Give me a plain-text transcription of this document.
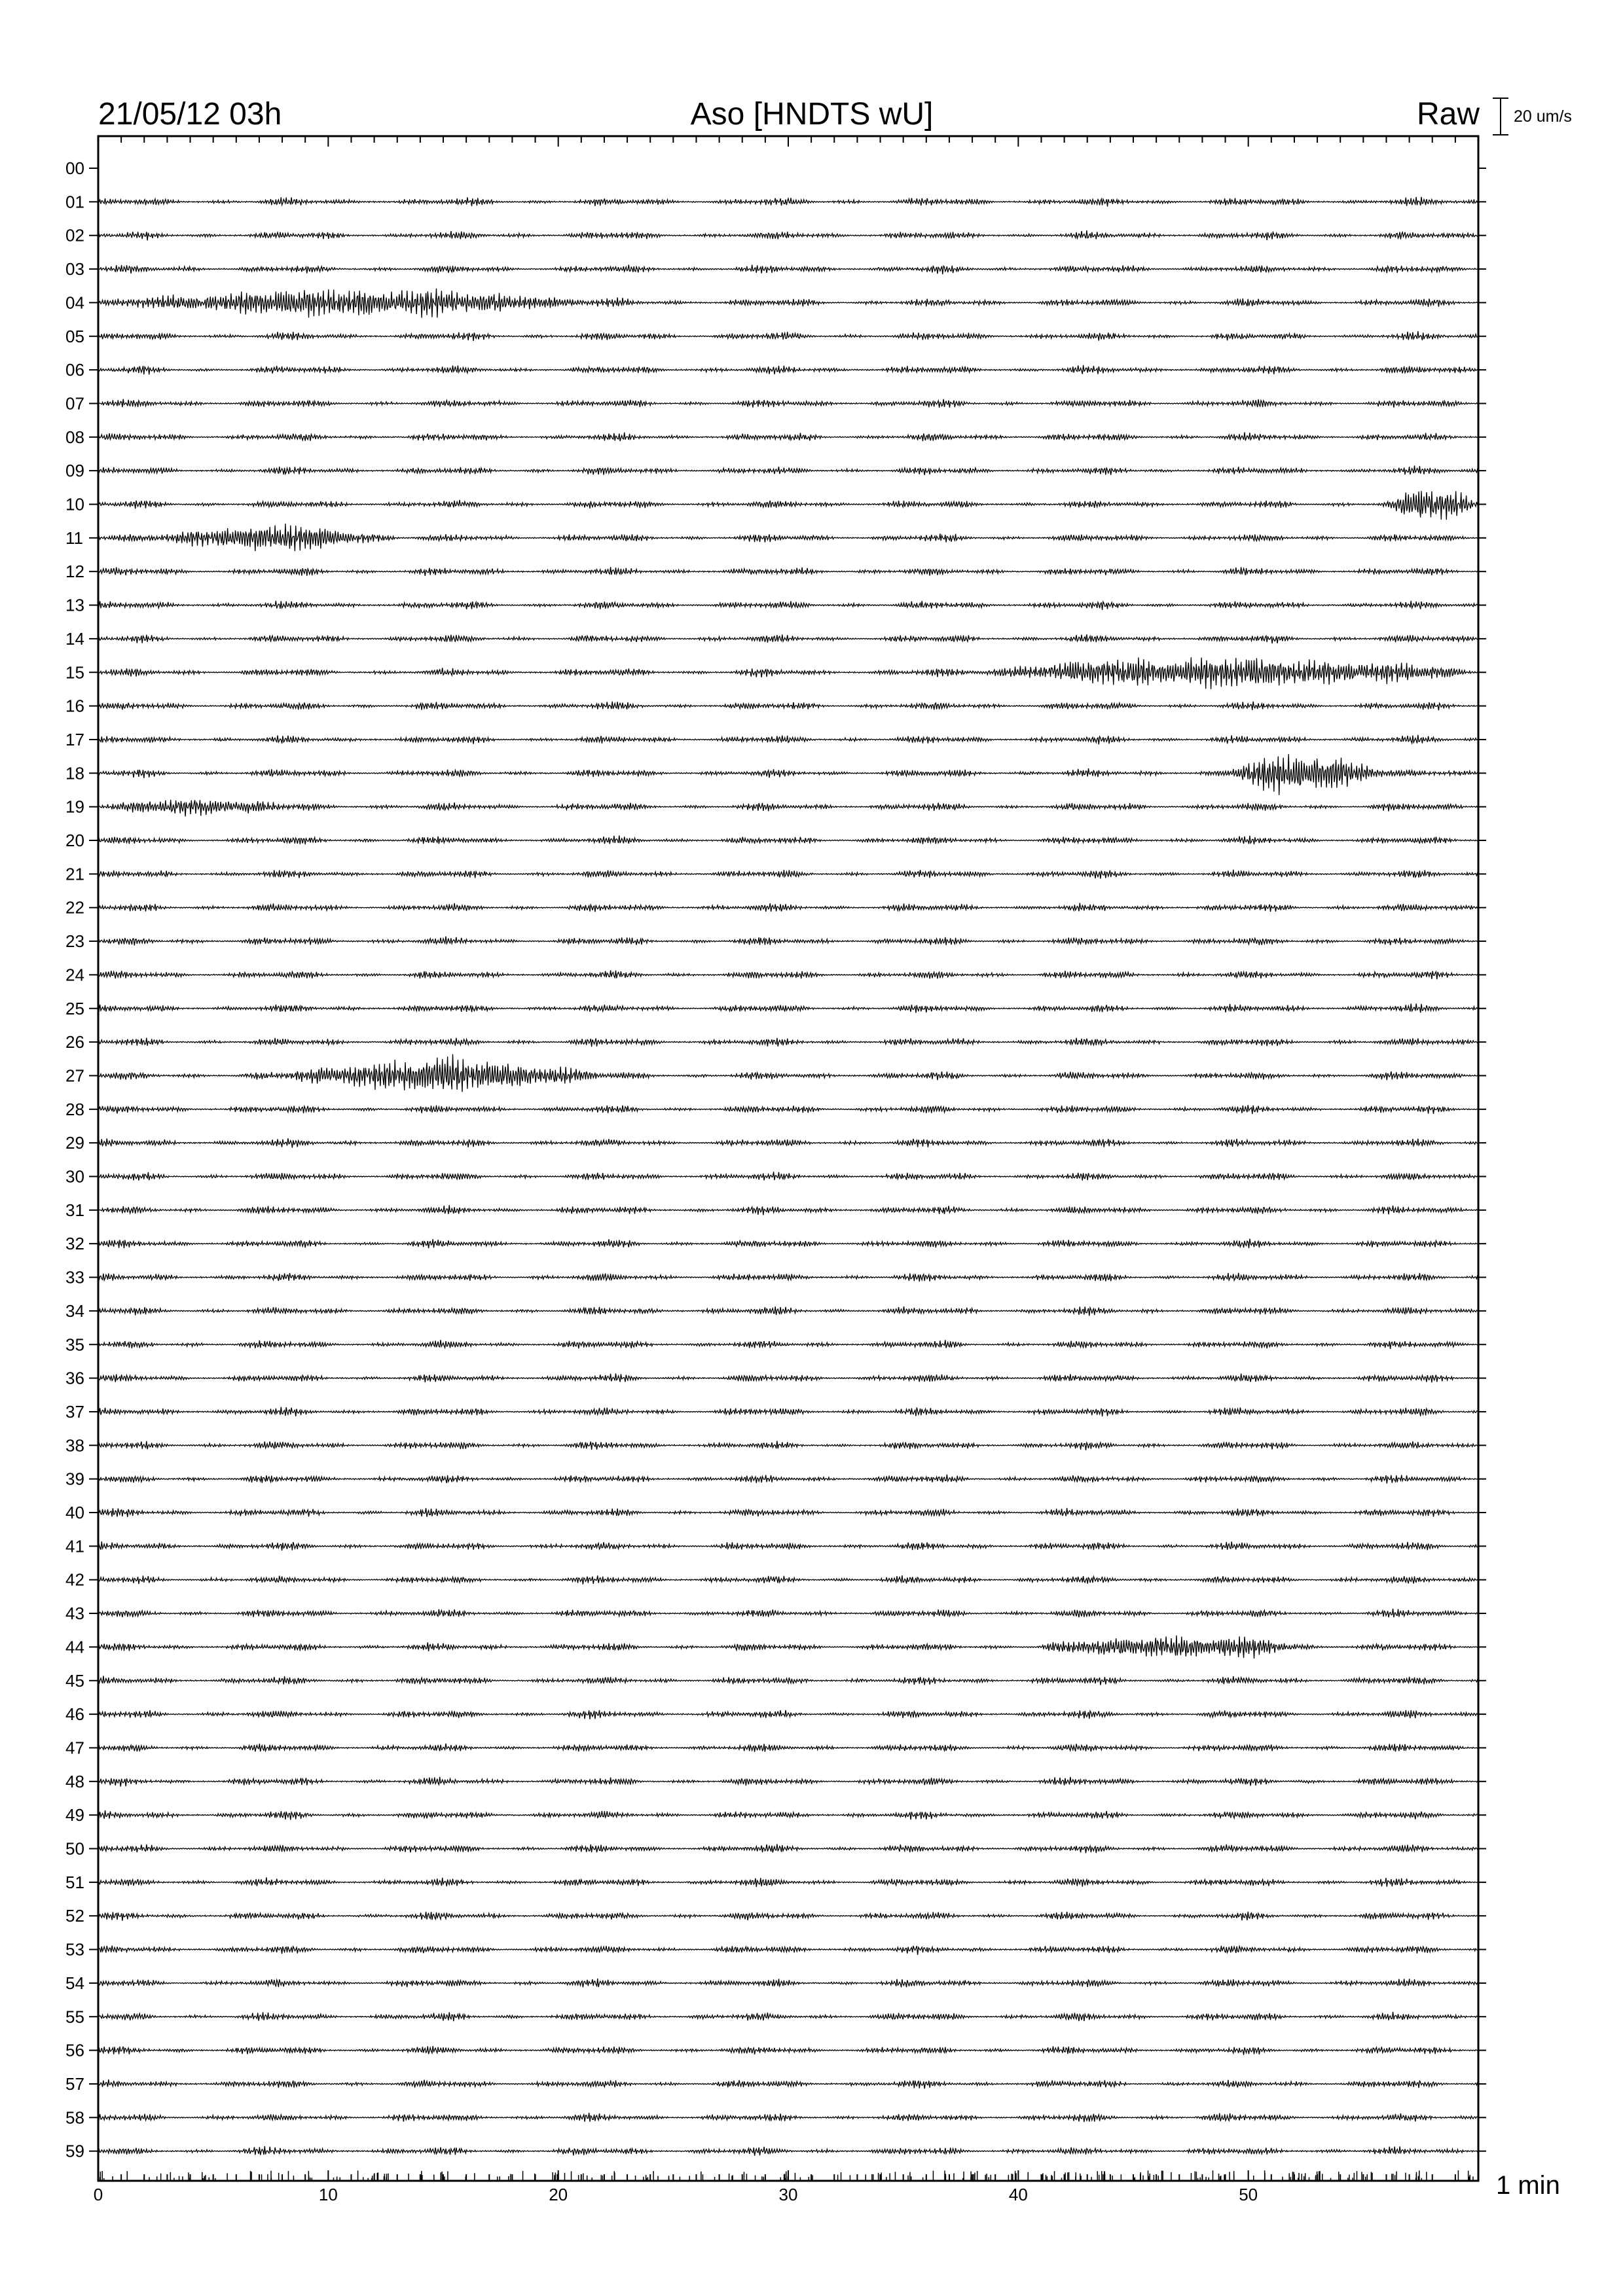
21/05/12 03h	Aso [HNDTS wU]	Raw 20 um/s
00
01
02
03
04
05
06
07
08
09
10
11
12
13
14
15
16
17
18
19
20
21
22
23
24
25
26
27
28
29
30
31
32
33
34
35
36
37
38
39
40
41
42
43
44
45
46
47
48
49
50
51
52
53
54
55
56
57
58
59
0	10	20	30	40	50	1 min
